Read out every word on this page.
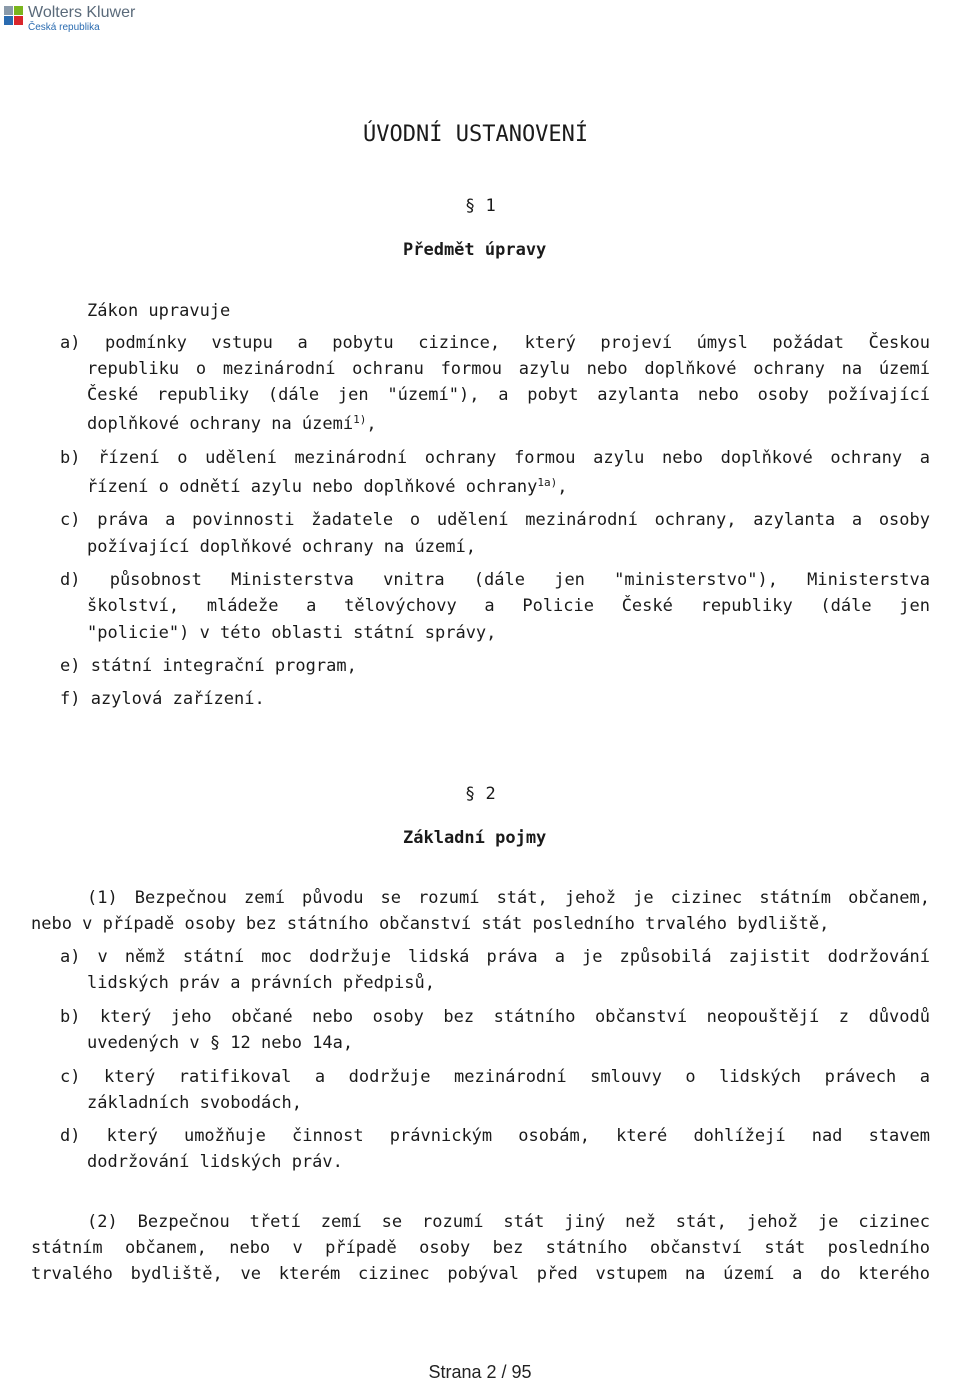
Wolters Kluwer
Česká republika
ÚVODNÍ USTANOVENÍ
§ 1
Předmět úpravy
Zákon upravuje
a) podmínky vstupu a pobytu cizince, který projeví úmysl požádat Českou
republiku o mezinárodní ochranu formou azylu nebo doplňkové ochrany na území
České republiky (dále jen "území"), a pobyt azylanta nebo osoby požívající
doplňkové ochrany na území$^{1)}$,
b) řízení o udělení mezinárodní ochrany formou azylu nebo doplňkové ochrany a
řízení o odnětí azylu nebo doplňkové ochrany$^{1a)}$,
c) práva a povinnosti žadatele o udělení mezinárodní ochrany, azylanta a osoby
požívající doplňkové ochrany na území,
d) působnost Ministerstva vnitra (dále jen "ministerstvo"), Ministerstva
školství, mládeže a tělovýchovy a Policie České republiky (dále jen
"policie") v této oblasti státní správy,
e) státní integrační program,
f) azylová zařízení.
§ 2
Základní pojmy
(1) Bezpečnou zemí původu se rozumí stát, jehož je cizinec státním občanem,
nebo v případě osoby bez státního občanství stát posledního trvalého bydliště,
a) v němž státní moc dodržuje lidská práva a je způsobilá zajistit dodržování
lidských práv a právních předpisů,
b) který jeho občané nebo osoby bez státního občanství neopouštějí z důvodů
uvedených v § 12 nebo 14a,
c) který ratifikoval a dodržuje mezinárodní smlouvy o lidských právech a
základních svobodách,
d) který umožňuje činnost právnickým osobám, které dohlížejí nad stavem
dodržování lidských práv.
(2) Bezpečnou třetí zemí se rozumí stát jiný než stát, jehož je cizinec
státním občanem, nebo v případě osoby bez státního občanství stát posledního
trvalého bydliště, ve kterém cizinec pobýval před vstupem na území a do kterého
Strana 2 / 95
